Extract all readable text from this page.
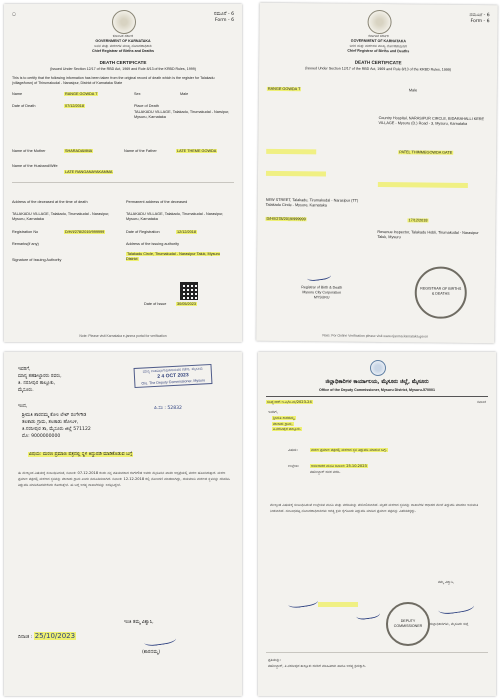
◯	ನಮೂನೆ - 6
Form - 6
ಕರ್ನಾಟಕ ಸರ್ಕಾರ
GOVERNMENT OF KARNATAKA
ಜನನ ಮತ್ತು ಮರಣಗಳ ಮುಖ್ಯ ನೋಂದಣಾಧಿಕಾರಿ
Chief Registrar of Births and Deaths
DEATH CERTIFICATE
(Issued Under Section 12/17 of the RBD Act, 1969 and Rule 8/13 of the KRBD Rules, 1999)
This is to certify that the following information has been taken from the original record of death which is the register for Talakadu (village/town) of Thirumakudal - Narasipur, District of Karnataka State
Name	RANGE GOWDA T	Sex	Male
Date of Death	07/12/2018	Place of Death
TALAKADU VILLAGE, Talakadu, Tirumakudal - Narsipur, Mysuru, Karnataka
Name of the Mother	SHARADAMMA	Name of the Father	LATE THEME GOWDA
Name of the Husband/Wife
LATE RANGANAYAKAMMA
Address of the deceased at the time of death
TALAKADU VILLAGE, Talakadu, Tirumakudal - Narasipur, Mysuru, Karnataka
Permanent address of the deceased
TALAKADU VILLAGE, Talakadu, Tirumakudal - Narasipur, Mysuru, Karnataka
Registration No	D/H/I/278/2019/999999	Date of Registration	12/12/2018
Remarks(if any)	Address of the issuing authority
Talakadu Circle, Tirumakudal - Narasipur Taluk, Mysuru District
Signature of Issuing Authority
Date of Issue	30/05/2023
Note: Please visit Karnataka e-janma portal for verification
ನಮೂನೆ - 6
Form - 6
ಕರ್ನಾಟಕ ಸರ್ಕಾರ
GOVERNMENT OF KARNATAKA
ಜನನ ಮತ್ತು ಮರಣಗಳ ಮುಖ್ಯ ನೋಂದಣಾಧಿಕಾರಿ
Chief Registrar of Births and Deaths
DEATH CERTIFICATE
(Issued Under Section 12/17 of the RBD Act, 1969 and Rule 8/13 of the KRBD Rules, 1999)
RANGE GOWDA T	Male
Country Hospital, NARASIPUR CIRCLE, BIDARAHALLI KERE VILLAGE - Mysuru (D.) Road - 3, Mysuru, Karnataka
PATEL THIMMEGOWDA GATE
NEW STREET, Talakadu, Tirumakudal - Narasipur (TT) Talakadu Circle - Mysore, Karnataka
D/H/I/278/2019/999999	17/12/2018
Revenue Inspector, Talakadu Hobli, Tirumakudal - Narasipur Taluk, Mysuru
Registrar of Birth & Death
Mysuru City Corporation
MYSURU
REGISTRAR OF BIRTHS & DEATHS
Note: For Online Verification please visit www.ejanma.karnataka.gov.in
ಇವರಿಗೆ,
ಮಾನ್ಯ ತಹಶೀಲ್ದಾರರು ರವರು,
ತಿ. ನರಸೀಪುರ ತಾಲ್ಲೂಕು,
ಮೈಸೂರು.
ಮಾನ್ಯ ಉಪವಿಭಾಗಾಧಿಕಾರಿಯವರ ಕಚೇರಿ, ಮೈಸೂರು
2 4 OCT 2023
O/o. The Deputy Commissioner, Mysuru
ಪಿ.ಸಂ : 52832
ಇಂದ,
ಶ್ರೀಮತಿ ಶಾರದಮ್ಮ ಕೋಂ ಲೇಟ್ ರಂಗೇಗೌಡ
ತಲಕಾಡು ಗ್ರಾಮ, ತಲಕಾಡು ಹೋಬಳಿ,
ತಿ.ನರಸೀಪುರ ತಾ, ಮೈಸೂರು ಜಿಲ್ಲೆ 571122
ಮೊ: 9000000000
ವಿಷಯ: ಮರಣ ಪ್ರಮಾಣ ಪತ್ರದಲ್ಲಿ ಸ್ಥಳ ತಿದ್ದುಪಡಿ ಮಾಡಿಕೊಡುವ ಬಗ್ಗೆ
ಈ ಮೇಲ್ಕಂಡ ವಿಷಯಕ್ಕೆ ಸಂಬಂಧಿಸಿದಂತೆ, ದಿನಾಂಕ: 07.12.2018 ರಂದು ನನ್ನ ಪತಿಯವರಾದ ರಂಗೇಗೌಡ ಅವರು ಮೈಸೂರಿನ ಖಾಸಗಿ ಆಸ್ಪತ್ರೆಯಲ್ಲಿ ಮರಣ ಹೊಂದಿರುತ್ತಾರೆ. ಮರಣ ಪ್ರಮಾಣ ಪತ್ರದಲ್ಲಿ ಮರಣದ ಸ್ಥಳವನ್ನು ತಲಕಾಡು ಗ್ರಾಮ ಎಂದು ನಮೂದಿಸಲಾಗಿದೆ. ದಿನಾಂಕ: 12.12.2018 ರಲ್ಲಿ ನೋಂದಣಿ ಮಾಡಲಾಗಿದ್ದು, ದಯಮಾಡಿ ಮರಣದ ಸ್ಥಳವನ್ನು ಸರಿಪಡಿಸಿ ತಿದ್ದುಪಡಿ ಮಾಡಿಕೊಡಬೇಕೆಂದು ಕೋರುತ್ತೇನೆ. ಈ ಬಗ್ಗೆ ಅಗತ್ಯ ದಾಖಲೆಗಳನ್ನು ಲಗತ್ತಿಸಿದ್ದೇನೆ.
ಇಂತಿ ತಮ್ಮ ವಿಶ್ವಾಸಿ,
ದಿನಾಂಕ : 25/10/2023
(ಶಾರದಮ್ಮ)
ಜಿಲ್ಲಾಧಿಕಾರಿಗಳ ಕಾರ್ಯಾಲಯ, ಮೈಸೂರು ಜಿಲ್ಲೆ, ಮೈಸೂರು
Office of the Deputy Commissioner, Mysuru District, Mysuru-570001
ಸಂಖ್ಯೆ:ಆರ್.ಇ.ಪಿ/ಜ.ಮ/2023-24	ದಿನಾಂಕ
ಇವರಿಗೆ,
ಶ್ರೀಮತಿ ಶಾರದಮ್ಮ,
ತಲಕಾಡು ಗ್ರಾಮ,
ತಿ.ನರಸೀಪುರ ತಾಲ್ಲೂಕು.
ವಿಷಯ:	ಮರಣ ಪ್ರಮಾಣ ಪತ್ರದಲ್ಲಿ ಮರಣದ ಸ್ಥಳ ತಿದ್ದುಪಡಿ ಮಾಡುವ ಬಗ್ಗೆ.
ಉಲ್ಲೇಖ:	ಅರ್ಜಿದಾರರ ಮನವಿ ದಿನಾಂಕ: 25.10.2023
ತಹಶೀಲ್ದಾರ್ ರವರ ವರದಿ.
ಮೇಲ್ಕಂಡ ವಿಷಯಕ್ಕೆ ಸಂಬಂಧಿಸಿದಂತೆ ಉಲ್ಲೇಖಿತ ಮನವಿ ಮತ್ತು ವರದಿಯನ್ನು ಪರಿಶೀಲಿಸಲಾಗಿದೆ. ಮೃತರ ಮರಣದ ಸ್ಥಳವನ್ನು ದಾಖಲೆಗಳ ಆಧಾರದ ಮೇಲೆ ತಿದ್ದುಪಡಿ ಮಾಡಲು ಅನುಮತಿ ನೀಡಲಾಗಿದೆ. ಸಂಬಂಧಪಟ್ಟ ನೋಂದಣಾಧಿಕಾರಿಗಳು ಅಗತ್ಯ ಕ್ರಮ ಕೈಗೊಂಡು ತಿದ್ದುಪಡಿ ಮಾಡಿದ ಪ್ರಮಾಣ ಪತ್ರವನ್ನು ವಿತರಿಸತಕ್ಕದ್ದು.
ತಮ್ಮ ವಿಶ್ವಾಸಿ,
DEPUTY COMMISSIONER	ಜಿಲ್ಲಾಧಿಕಾರಿಗಳು, ಮೈಸೂರು ಜಿಲ್ಲೆ
ಪ್ರತಿಯನ್ನು:
ತಹಶೀಲ್ದಾರ್, ತಿ.ನರಸೀಪುರ ತಾಲ್ಲೂಕು ರವರಿಗೆ ಮಾಹಿತಿಗಾಗಿ ಹಾಗೂ ಅಗತ್ಯ ಕ್ರಮಕ್ಕಾಗಿ.
